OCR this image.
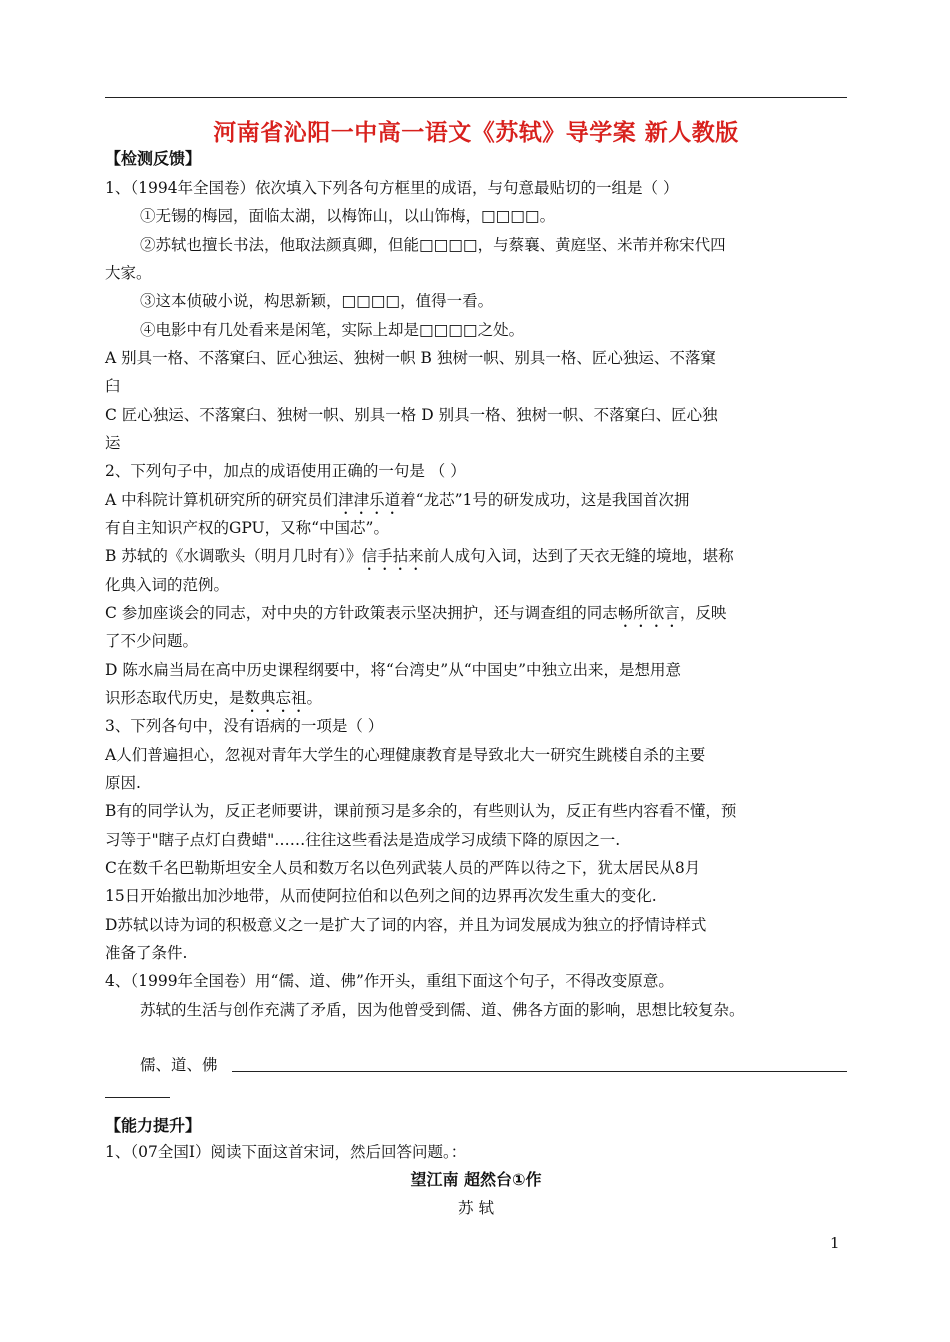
河南省沁阳一中高一语文《苏轼》导学案 新人教版
【检测反馈】
1、（1994年全国卷）依次填入下列各句方框里的成语，与句意最贴切的一组是（ ）
①无锡的梅园，面临太湖，以梅饰山，以山饰梅，□□□□。
②苏轼也擅长书法，他取法颜真卿，但能□□□□，与蔡襄、黄庭坚、米芾并称宋代四
大家。
③这本侦破小说，构思新颖，□□□□，值得一看。
④电影中有几处看来是闲笔，实际上却是□□□□之处。
A 别具一格、不落窠臼、匠心独运、独树一帜 B 独树一帜、别具一格、匠心独运、不落窠
臼
C 匠心独运、不落窠臼、独树一帜、别具一格 D 别具一格、独树一帜、不落窠臼、匠心独
运
2、下列句子中，加点的成语使用正确的一句是 （ ）
A 中科院计算机研究所的研究员们津津乐道着“龙芯”1号的研发成功，这是我国首次拥
有自主知识产权的GPU，又称“中国芯”。
B 苏轼的《水调歌头（明月几时有）》信手拈来前人成句入词，达到了天衣无缝的境地，堪称
化典入词的范例。
C 参加座谈会的同志，对中央的方针政策表示坚决拥护，还与调查组的同志畅所欲言，反映
了不少问题。
D 陈水扁当局在高中历史课程纲要中，将“台湾史”从“中国史”中独立出来，是想用意
识形态取代历史，是数典忘祖。
3、下列各句中，没有语病的一项是（ ）
A人们普遍担心，忽视对青年大学生的心理健康教育是导致北大一研究生跳楼自杀的主要
原因.
B有的同学认为，反正老师要讲，课前预习是多余的，有些则认为，反正有些内容看不懂，预
习等于"瞎子点灯白费蜡"……往往这些看法是造成学习成绩下降的原因之一.
C在数千名巴勒斯坦安全人员和数万名以色列武装人员的严阵以待之下，犹太居民从8月
15日开始撤出加沙地带，从而使阿拉伯和以色列之间的边界再次发生重大的变化.
D苏轼以诗为词的积极意义之一是扩大了词的内容，并且为词发展成为独立的抒情诗样式
准备了条件.
4、（1999年全国卷）用“儒、道、佛”作开头，重组下面这个句子，不得改变原意。
苏轼的生活与创作充满了矛盾，因为他曾受到儒、道、佛各方面的影响，思想比较复杂。
儒、道、佛
【能力提升】
1、（07全国Ⅰ）阅读下面这首宋词，然后回答问题。：
望江南 超然台①作
苏 轼
1
